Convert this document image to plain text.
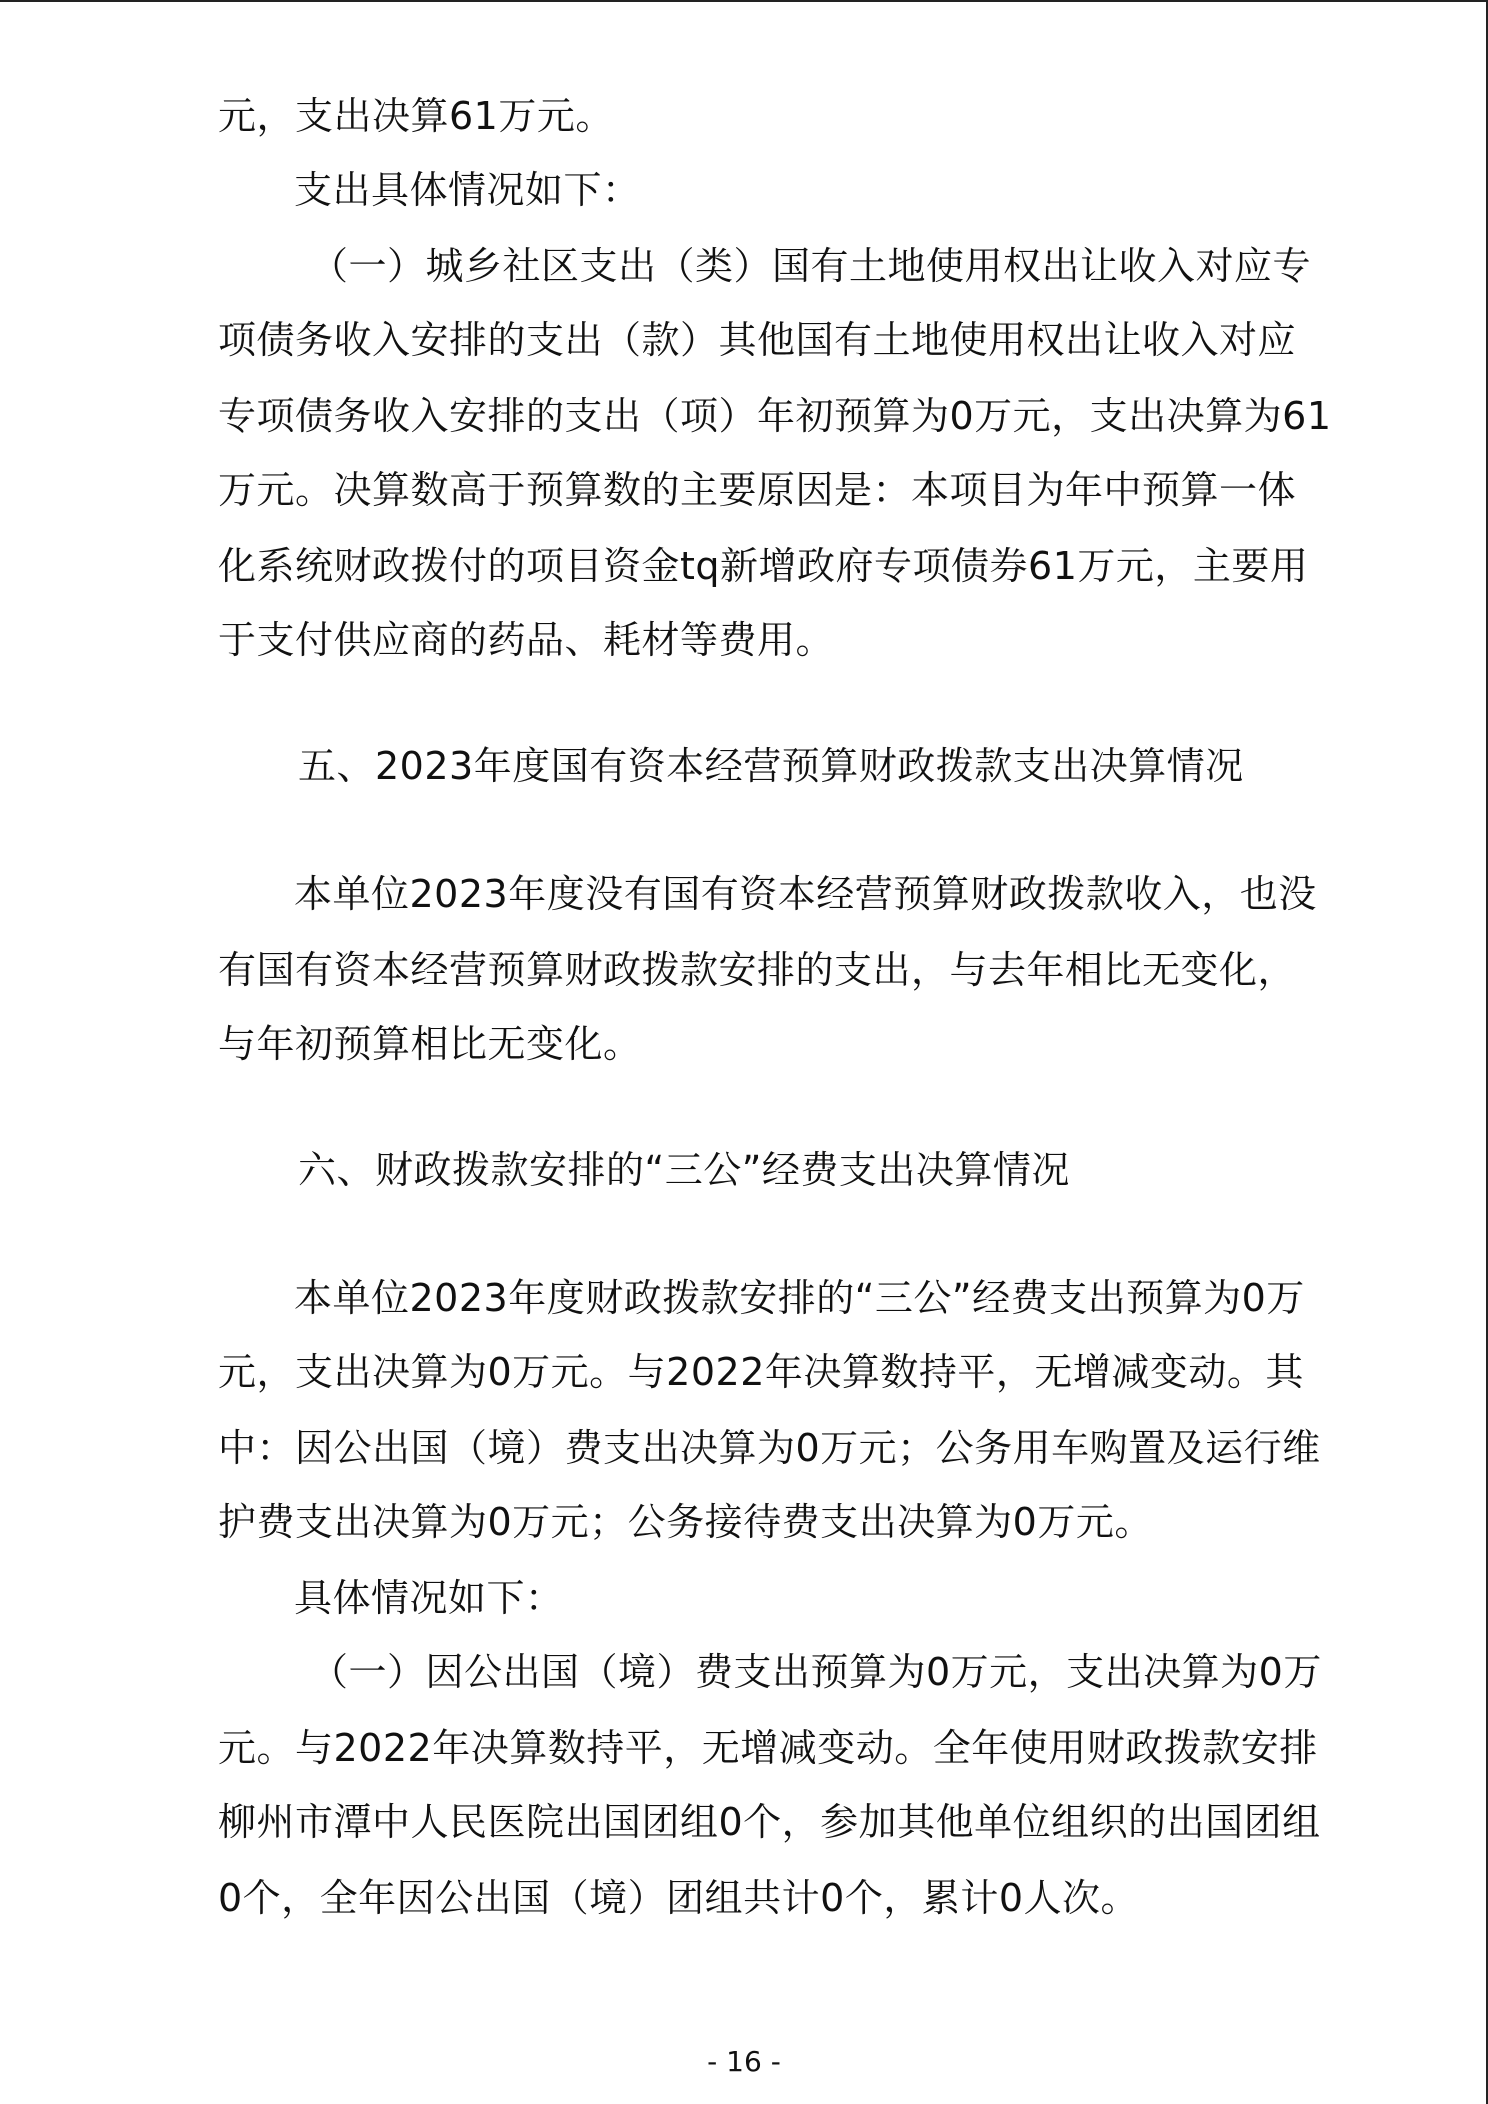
元，支出决算61万元。
支出具体情况如下：
（一）城乡社区支出（类）国有土地使用权出让收入对应专
项债务收入安排的支出（款）其他国有土地使用权出让收入对应
专项债务收入安排的支出（项）年初预算为0万元，支出决算为61
万元。决算数高于预算数的主要原因是：本项目为年中预算一体
化系统财政拨付的项目资金tq新增政府专项债券61万元，主要用
于支付供应商的药品、耗材等费用。
五、2023年度国有资本经营预算财政拨款支出决算情况
本单位2023年度没有国有资本经营预算财政拨款收入，也没
有国有资本经营预算财政拨款安排的支出，与去年相比无变化，
与年初预算相比无变化。
六、财政拨款安排的“三公”经费支出决算情况
本单位2023年度财政拨款安排的“三公”经费支出预算为0万
元，支出决算为0万元。与2022年决算数持平，无增减变动。其
中：因公出国（境）费支出决算为0万元；公务用车购置及运行维
护费支出决算为0万元；公务接待费支出决算为0万元。
具体情况如下：
（一）因公出国（境）费支出预算为0万元，支出决算为0万
元。与2022年决算数持平，无增减变动。全年使用财政拨款安排
柳州市潭中人民医院出国团组0个，参加其他单位组织的出国团组
0个，全年因公出国（境）团组共计0个，累计0人次。
- 16 -
